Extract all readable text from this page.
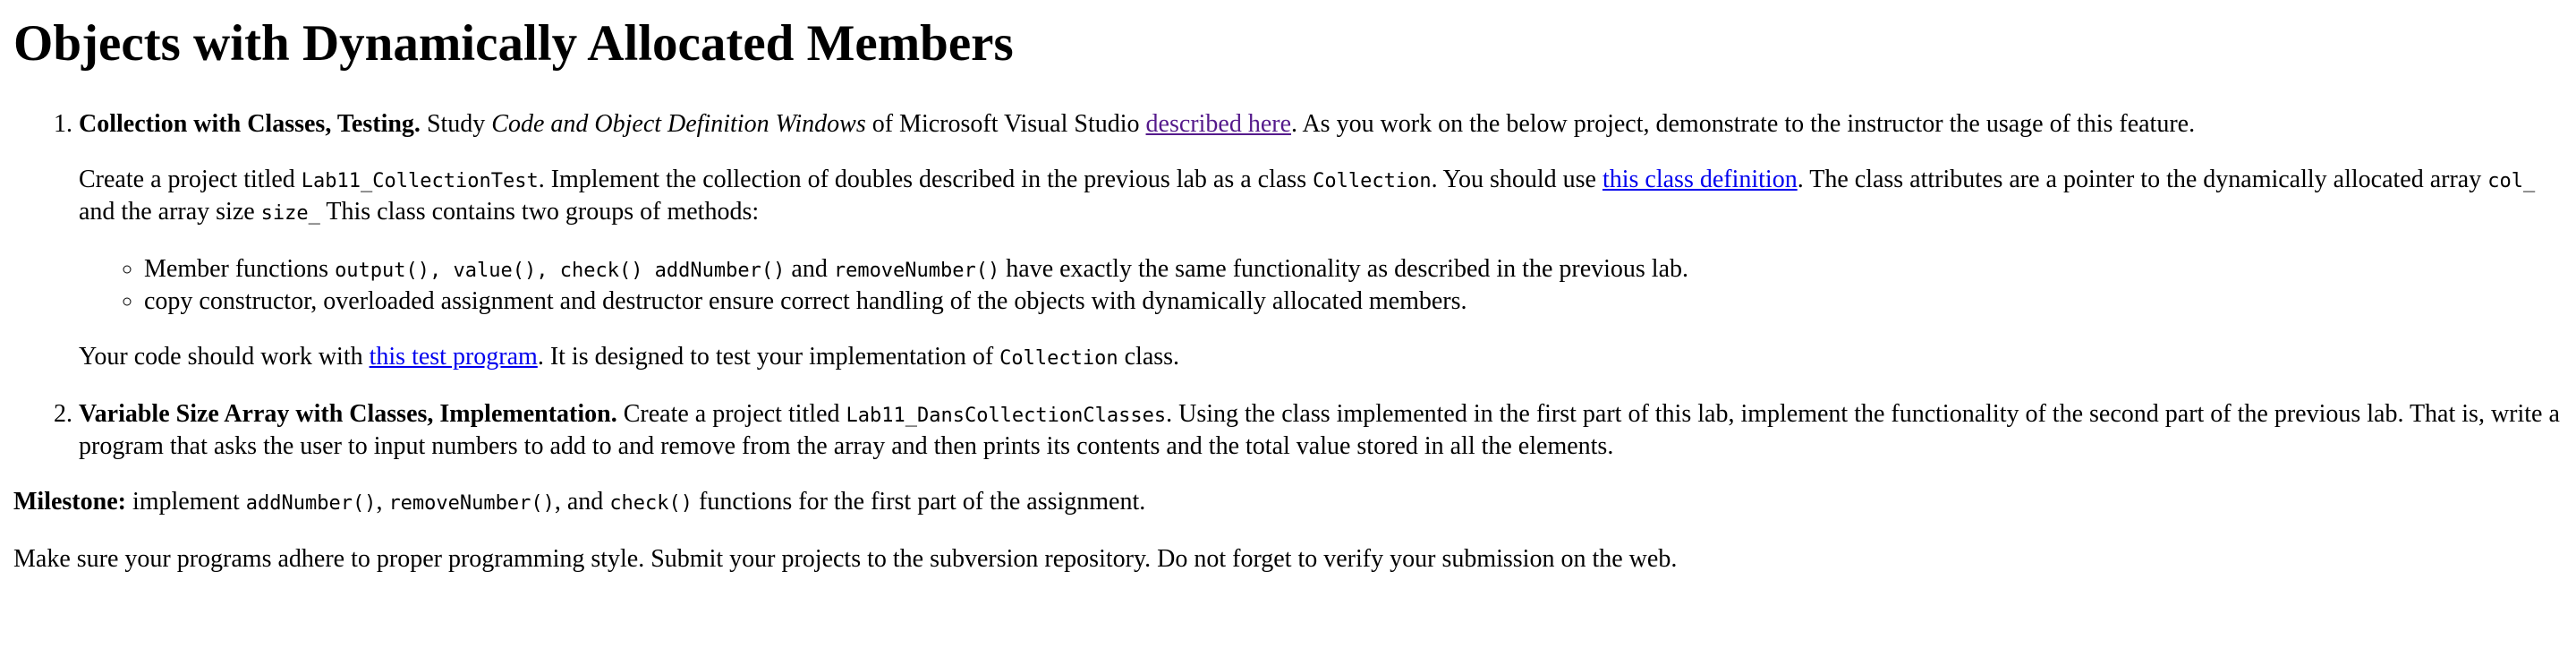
Objects with Dynamically Allocated Members

1. Collection with Classes, Testing. Study Code and Object Definition Windows of Microsoft Visual Studio described here. As you work on the below project, demonstrate to the instructor the usage of this feature.

Create a project titled Lab11_CollectionTest. Implement the collection of doubles described in the previous lab as a class Collection. You should use this class definition. The class attributes are a pointer to the dynamically allocated array col_ and the array size size_ This class contains two groups of methods:

◦ Member functions output(), value(), check() addNumber() and removeNumber() have exactly the same functionality as described in the previous lab.
◦ copy constructor, overloaded assignment and destructor ensure correct handling of the objects with dynamically allocated members.

Your code should work with this test program. It is designed to test your implementation of Collection class.

2. Variable Size Array with Classes, Implementation. Create a project titled Lab11_DansCollectionClasses. Using the class implemented in the first part of this lab, implement the functionality of the second part of the previous lab. That is, write a program that asks the user to input numbers to add to and remove from the array and then prints its contents and the total value stored in all the elements.

Milestone: implement addNumber(), removeNumber(), and check() functions for the first part of the assignment.

Make sure your programs adhere to proper programming style. Submit your projects to the subversion repository. Do not forget to verify your submission on the web.
